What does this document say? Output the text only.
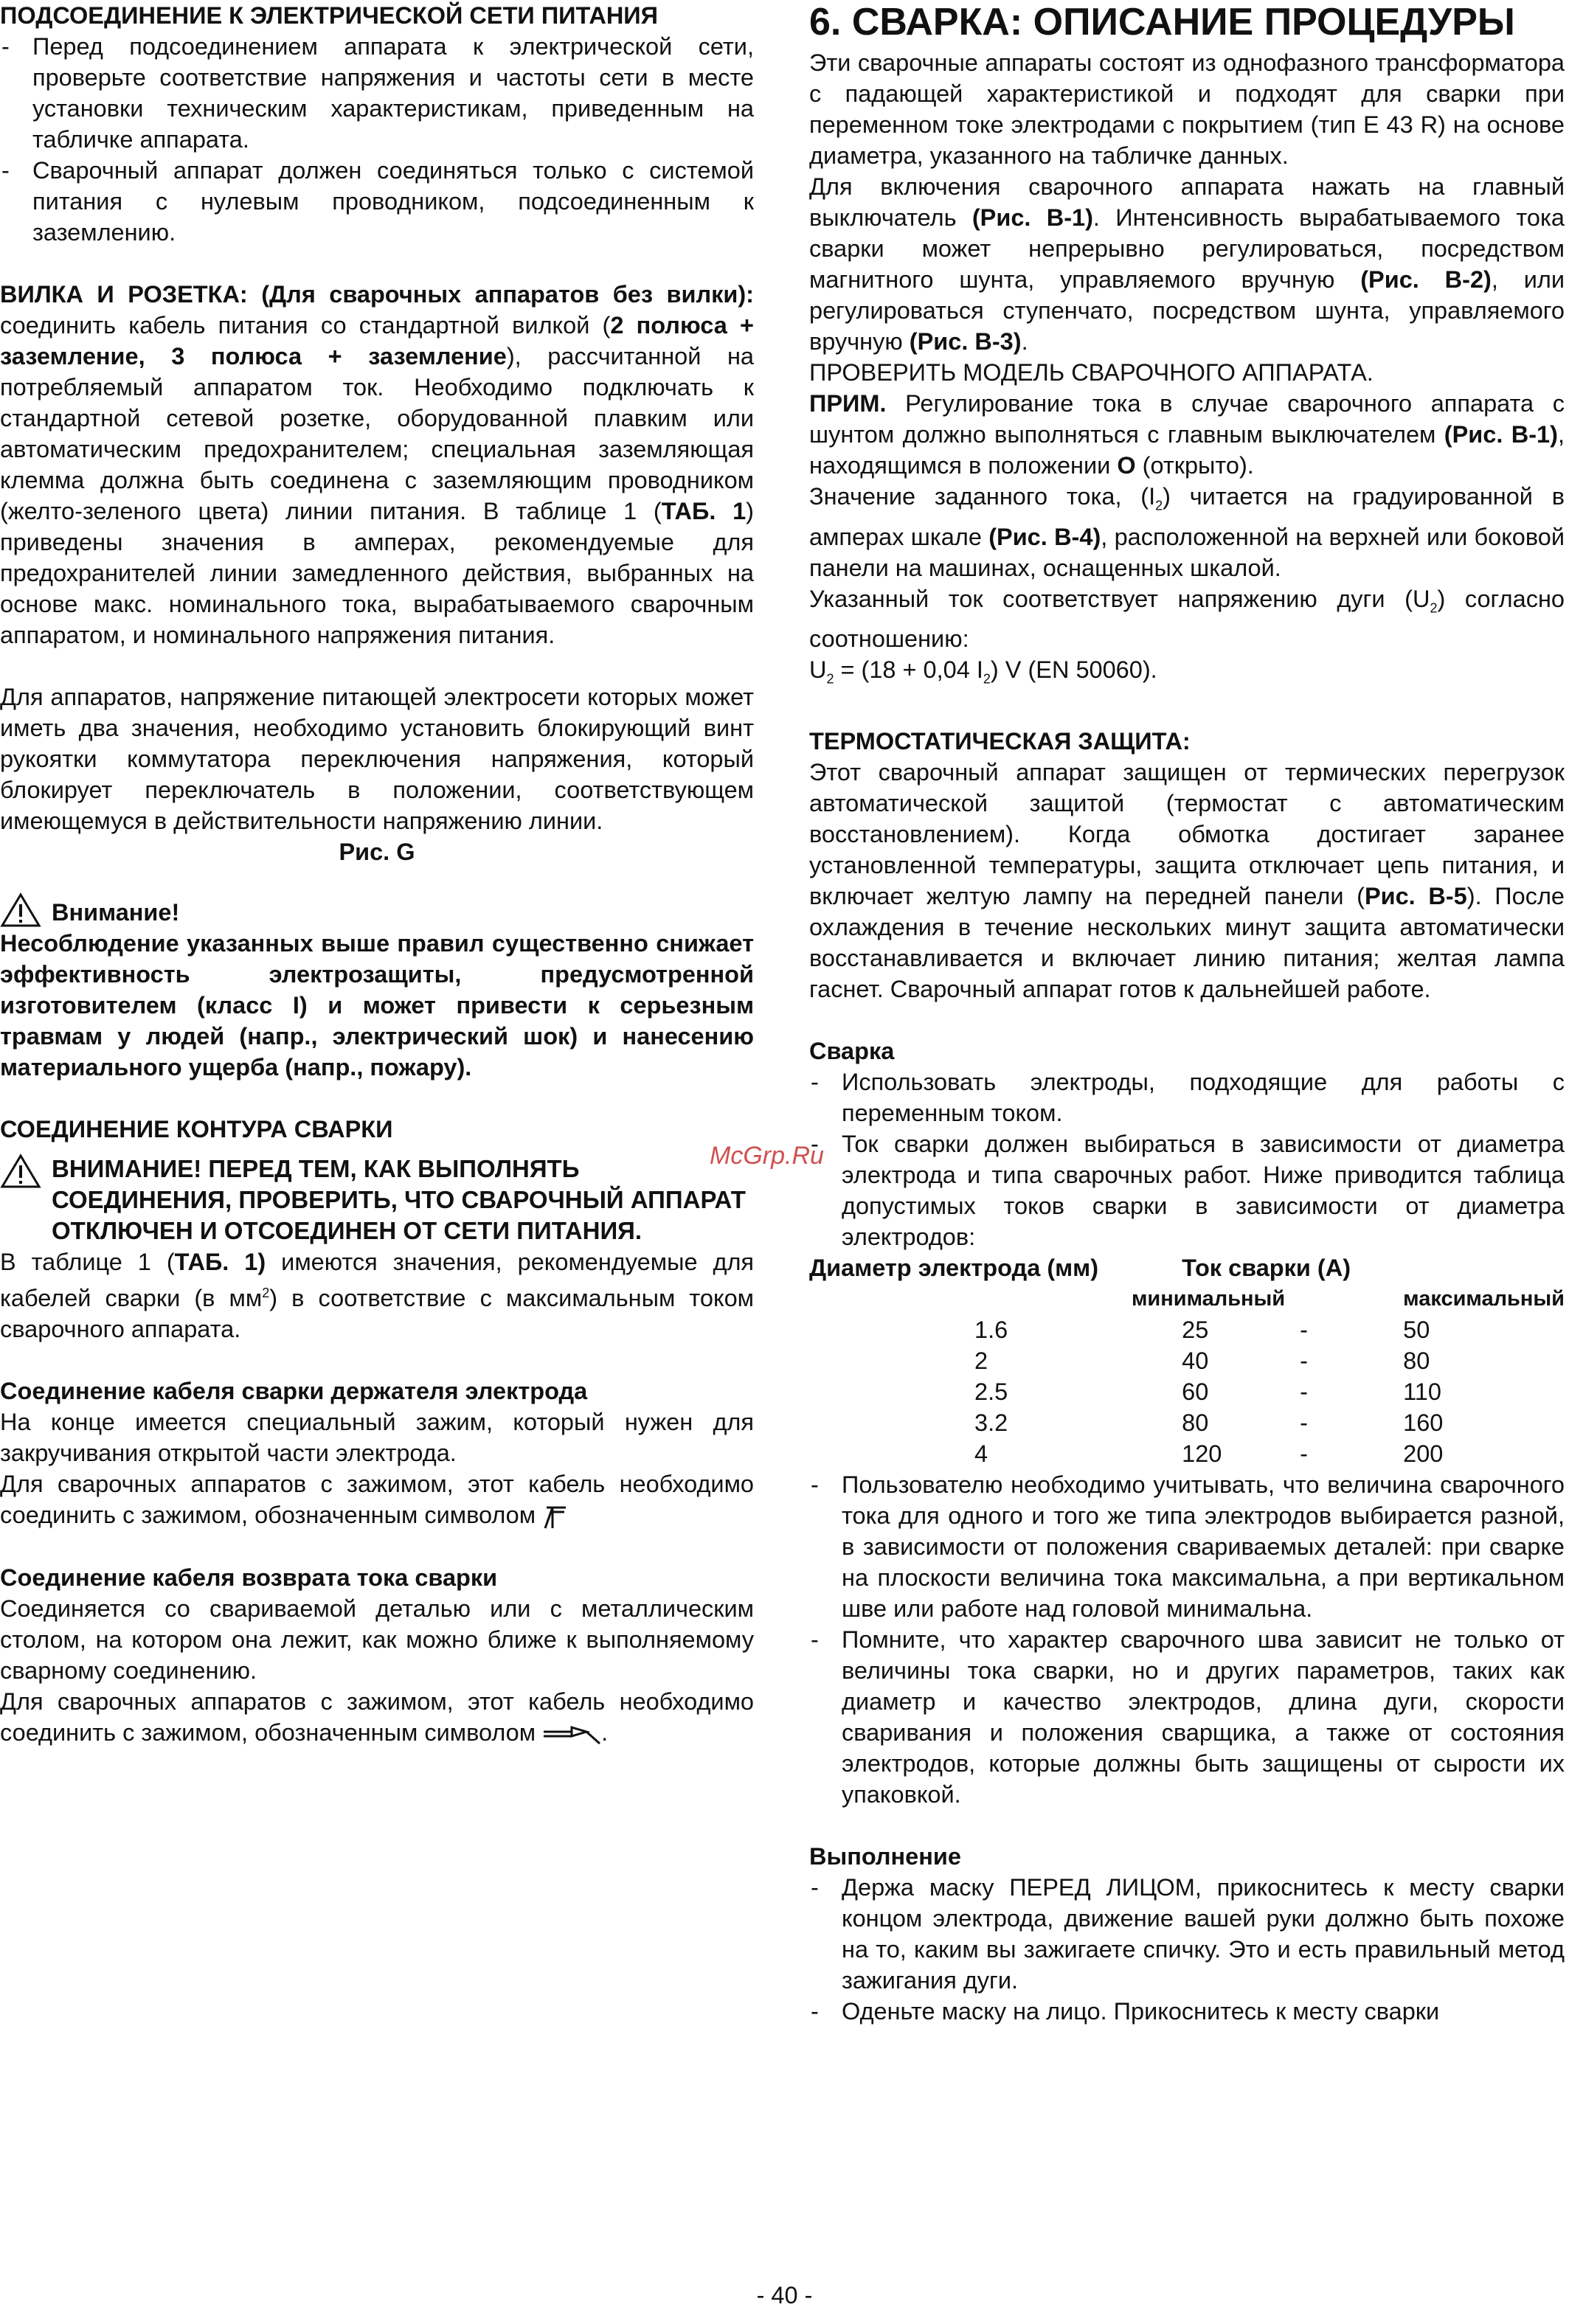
ПОДСОЕДИНЕНИЕ К ЭЛЕКТРИЧЕСКОЙ СЕТИ ПИТАНИЯ

- Перед подсоединением аппарата к электрической сети, проверьте соответствие напряжения и частоты сети в месте установки техническим характеристикам, приведенным на табличке аппарата.

- Сварочный аппарат должен соединяться только с системой питания с нулевым проводником, подсоединенным к заземлению.

ВИЛКА И РОЗЕТКА: (Для сварочных аппаратов без вилки): соединить кабель питания со стандартной вилкой (2 полюса + заземление, 3 полюса + заземление), рассчитанной на потребляемый аппаратом ток. Необходимо подключать к стандартной сетевой розетке, оборудованной плавким или автоматическим предохранителем; специальная заземляющая клемма должна быть соединена с заземляющим проводником (желто-зеленого цвета) линии питания. В таблице 1 (ТАБ. 1) приведены значения в амперах, рекомендуемые для предохранителей линии замедленного действия, выбранных на основе макс. номинального тока, вырабатываемого сварочным аппаратом, и номинального напряжения питания.

Для аппаратов, напряжение питающей электросети которых может иметь два значения, необходимо установить блокирующий винт рукоятки коммутатора переключения напряжения, который блокирует переключатель в положении, соответствующем имеющемуся в действительности напряжению линии.

Рис. G

Внимание!

Несоблюдение указанных выше правил существенно снижает эффективность электрозащиты, предусмотренной изготовителем (класс I) и может привести к серьезным травмам у людей (напр., электрический шок) и нанесению материального ущерба (напр., пожару).

СОЕДИНЕНИЕ КОНТУРА СВАРКИ

ВНИМАНИЕ! ПЕРЕД ТЕМ, КАК ВЫПОЛНЯТЬ СОЕДИНЕНИЯ, ПРОВЕРИТЬ, ЧТО СВАРОЧНЫЙ АППАРАТ ОТКЛЮЧЕН И ОТСОЕДИНЕН ОТ СЕТИ ПИТАНИЯ.

В таблице 1 (ТАБ. 1) имеются значения, рекомендуемые для кабелей сварки (в $мм^2$) в соответствие с максимальным током сварочного аппарата.

Соединение кабеля сварки держателя электрода

На конце имеется специальный зажим, который нужен для закручивания открытой части электрода.

Для сварочных аппаратов с зажимом, этот кабель необходимо соединить с зажимом, обозначенным символом

Соединение кабеля возврата тока сварки

Соединяется со свариваемой деталью или с металлическим столом, на котором она лежит, как можно ближе к выполняемому сварному соединению.

Для сварочных аппаратов с зажимом, этот кабель необходимо соединить с зажимом, обозначенным символом	.

6. СВАРКА: ОПИСАНИЕ ПРОЦЕДУРЫ

Эти сварочные аппараты состоят из однофазного трансформатора с падающей характеристикой и подходят для сварки при переменном токе электродами с покрытием (тип Е 43 R) на основе диаметра, указанного на табличке данных.

Для включения сварочного аппарата нажать на главный выключатель (Рис. В-1). Интенсивность вырабатываемого тока сварки может непрерывно регулироваться, посредством магнитного шунта, управляемого вручную (Рис. В-2), или регулироваться ступенчато, посредством шунта, управляемого вручную (Рис. В-3).

ПРОВЕРИТЬ МОДЕЛЬ СВАРОЧНОГО АППАРАТА.

ПРИМ. Регулирование тока в случае сварочного аппарата с шунтом должно выполняться с главным выключателем (Рис. В-1), находящимся в положении О (открыто).

Значение заданного тока, $(I_2)$ читается на градуированной в амперах шкале (Рис. В-4), расположенной на верхней или боковой панели на машинах, оснащенных шкалой.

Указанный ток соответствует напряжению дуги $(U_2)$ согласно соотношению:

$U_2 = (18 + 0,04$ $I_2$) V (EN 50060).

ТЕРМОСТАТИЧЕСКАЯ ЗАЩИТА:

Этот сварочный аппарат защищен от термических перегрузок автоматической защитой (термостат с автоматическим восстановлением). Когда обмотка достигает заранее установленной температуры, защита отключает цепь питания, и включает желтую лампу на передней панели (Рис. В-5). После охлаждения в течение нескольких минут защита автоматически восстанавливается и включает линию питания; желтая лампа гаснет. Сварочный аппарат готов к дальнейшей работе.

Сварка

- Использовать электроды, подходящие для работы с переменным током.

- Ток сварки должен выбираться в зависимости от диаметра электрода и типа сварочных работ. Ниже приводится таблица допустимых токов сварки в зависимости от диаметра электродов:

Диаметр электрода (мм)		Ток сварки (А)		
	минимальный			максимальный
1.6		25	-	50
2		40	-	80
2.5		60	-	110
3.2		80	-	160
4		120	-	200

- Пользователю необходимо учитывать, что величина сварочного тока для одного и того же типа электродов выбирается разной, в зависимости от положения свариваемых деталей: при сварке на плоскости величина тока максимальна, а при вертикальном шве или работе над головой минимальна.

- Помните, что характер сварочного шва зависит не только от величины тока сварки, но и других параметров, таких как диаметр и качество электродов, длина дуги, скорости сваривания и положения сварщика, а также от состояния электродов, которые должны быть защищены от сырости их упаковкой.

Выполнение

- Держа маску ПЕРЕД ЛИЦОМ, прикоснитесь к месту сварки концом электрода, движение вашей руки должно быть похоже на то, каким вы зажигаете спичку. Это и есть правильный метод зажигания дуги.

- Оденьте маску на лицо. Прикоснитесь к месту сварки

McGrp.Ru
- 40 -
